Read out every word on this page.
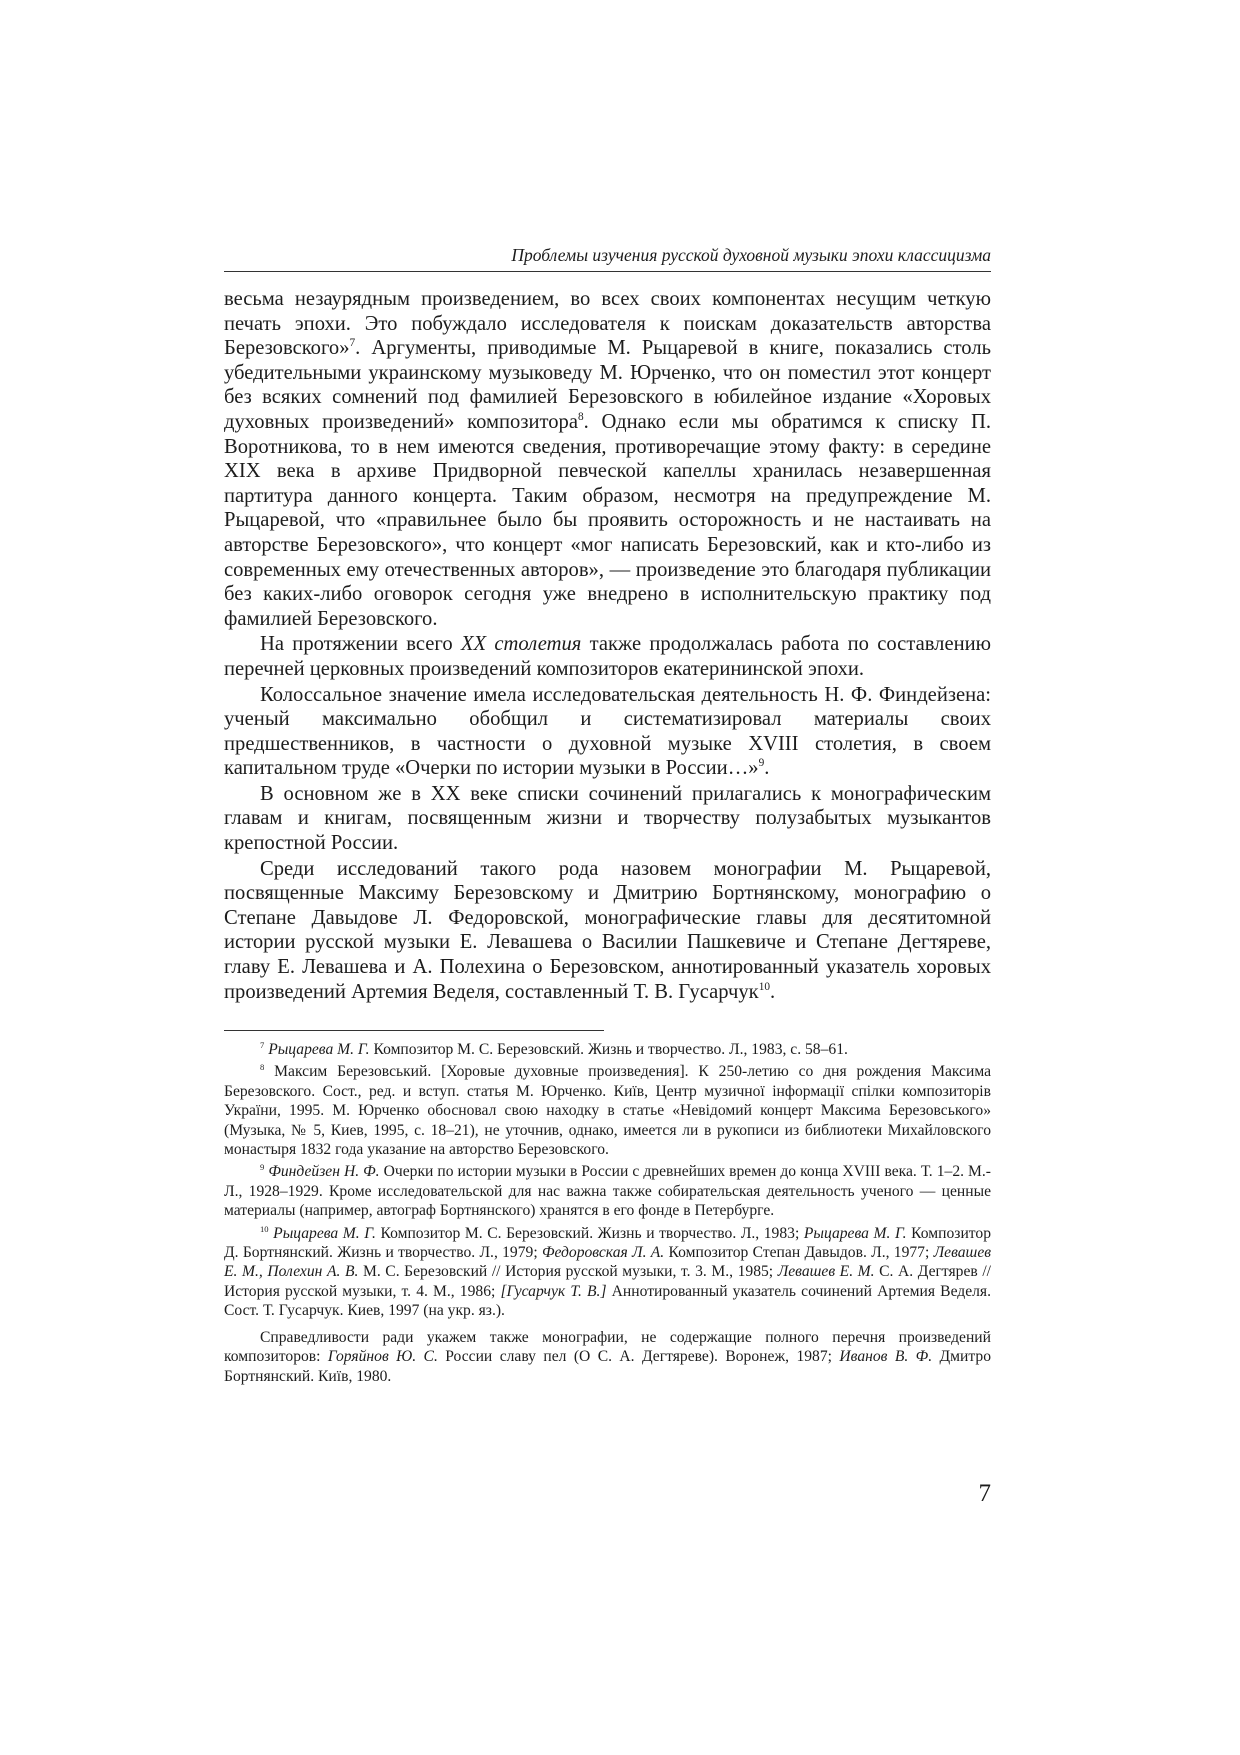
Проблемы изучения русской духовной музыки эпохи классицизма

весьма незаурядным произведением, во всех своих компонентах несущим четкую печать эпохи. Это побуждало исследователя к поискам доказательств авторства Березовского»$^7$. Аргументы, приводимые М. Рыцаревой в книге, показались столь убедительными украинскому музыковеду М. Юрченко, что он поместил этот концерт без всяких сомнений под фамилией Березовского в юбилейное издание «Хоровых духовных произведений» композитора$^8$. Однако если мы обратимся к списку П. Воротникова, то в нем имеются сведения, противоречащие этому факту: в середине XIX века в архиве Придворной певческой капеллы хранилась незавершенная партитура данного концерта. Таким образом, несмотря на предупреждение М. Рыцаревой, что «правильнее было бы проявить осторожность и не настаивать на авторстве Березовского», что концерт «мог написать Березовский, как и кто-либо из современных ему отечественных авторов», — произведение это благодаря публикации без каких-либо оговорок сегодня уже внедрено в исполнительскую практику под фамилией Березовского.

На протяжении всего XX столетия также продолжалась работа по составлению перечней церковных произведений композиторов екатерининской эпохи.

Колоссальное значение имела исследовательская деятельность Н. Ф. Финдейзена: ученый максимально обобщил и систематизировал материалы своих предшественников, в частности о духовной музыке XVIII столетия, в своем капитальном труде «Очерки по истории музыки в России…»$^9$.

В основном же в XX веке списки сочинений прилагались к монографическим главам и книгам, посвященным жизни и творчеству полузабытых музыкантов крепостной России.

Среди исследований такого рода назовем монографии М. Рыцаревой, посвященные Максиму Березовскому и Дмитрию Бортнянскому, монографию о Степане Давыдове Л. Федоровской, монографические главы для десятитомной истории русской музыки Е. Левашева о Василии Пашкевиче и Степане Дегтяреве, главу Е. Левашева и А. Полехина о Березовском, аннотированный указатель хоровых произведений Артемия Веделя, составленный Т. В. Гусарчук$^{10}$.

$^7$ Рыцарева М. Г. Композитор М. С. Березовский. Жизнь и творчество. Л., 1983, с. 58–61.

$^8$ Максим Березовський. [Хоровые духовные произведения]. К 250-летию со дня рождения Максима Березовского. Сост., ред. и вступ. статья М. Юрченко. Київ, Центр музичної інформації спілки композиторів України, 1995. М. Юрченко обосновал свою находку в статье «Невідомий концерт Максима Березовського» (Музыка, № 5, Киев, 1995, с. 18–21), не уточнив, однако, имеется ли в рукописи из библиотеки Михайловского монастыря 1832 года указание на авторство Березовского.

$^9$ Финдейзен Н. Ф. Очерки по истории музыки в России с древнейших времен до конца XVIII века. Т. 1–2. М.-Л., 1928–1929. Кроме исследовательской для нас важна также собирательская деятельность ученого — ценные материалы (например, автограф Бортнянского) хранятся в его фонде в Петербурге.

$^{10}$ Рыцарева М. Г. Композитор М. С. Березовский. Жизнь и творчество. Л., 1983; Рыцарева М. Г. Композитор Д. Бортнянский. Жизнь и творчество. Л., 1979; Федоровская Л. А. Композитор Степан Давыдов. Л., 1977; Левашев Е. М., Полехин А. В. М. С. Березовский // История русской музыки, т. 3. М., 1985; Левашев Е. М. С. А. Дегтярев // История русской музыки, т. 4. М., 1986; [Гусарчук Т. В.] Аннотированный указатель сочинений Артемия Веделя. Сост. Т. Гусарчук. Киев, 1997 (на укр. яз.).

Справедливости ради укажем также монографии, не содержащие полного перечня произведений композиторов: Горяйнов Ю. С. России славу пел (О С. А. Дегтяреве). Воронеж, 1987; Иванов В. Ф. Дмитро Бортнянский. Київ, 1980.

7
